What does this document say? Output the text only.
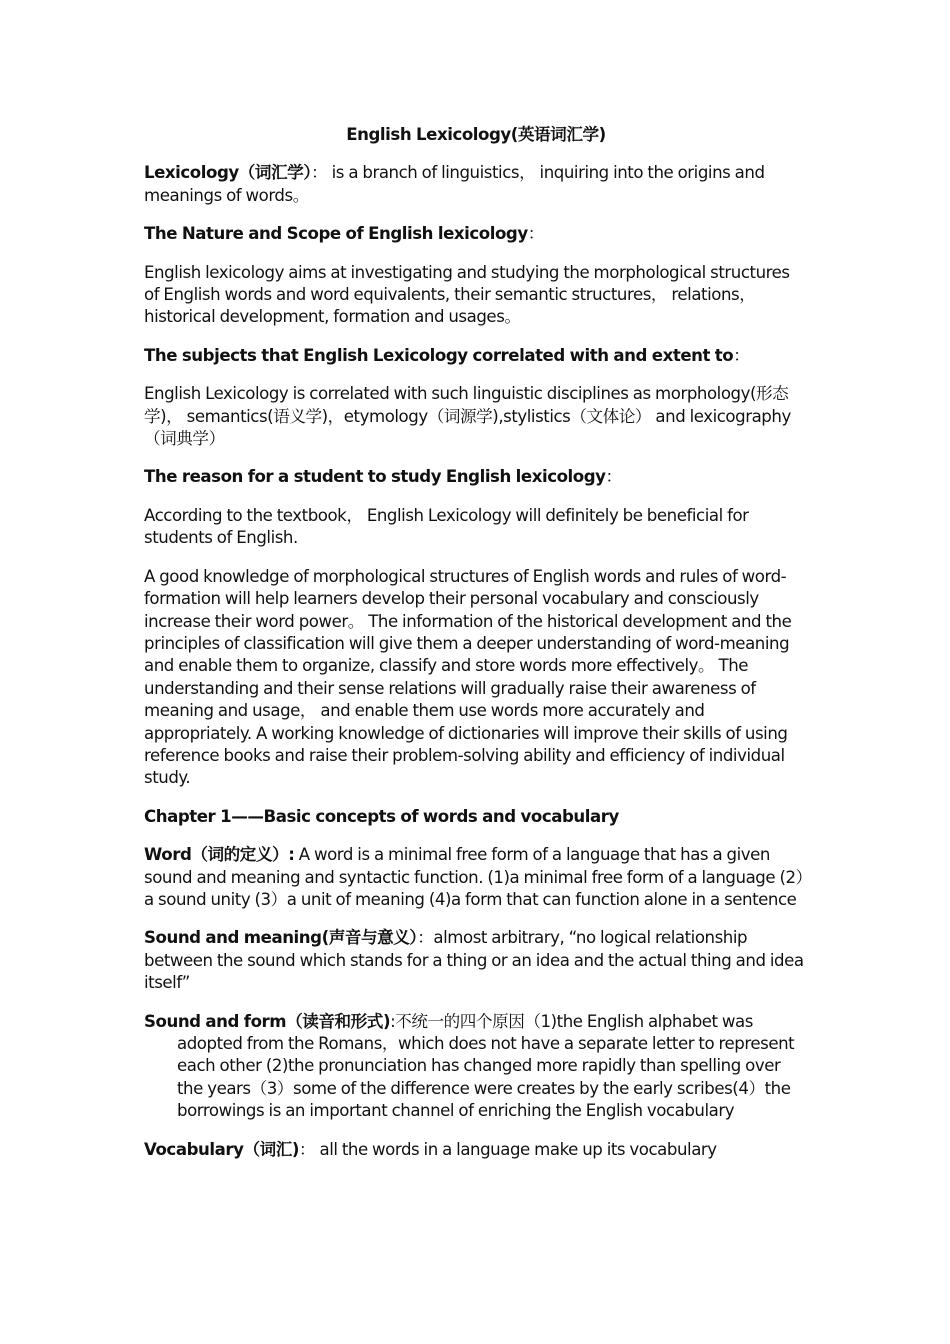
English Lexicology(英语词汇学)

Lexicology（词汇学）： is a branch of linguistics， inquiring into the origins and meanings of words。

The Nature and Scope of English lexicology：

English lexicology aims at investigating and studying the morphological structures of English words and word equivalents, their semantic structures， relations， historical development, formation and usages。

The subjects that English Lexicology correlated with and extent to：

English Lexicology is correlated with such linguistic disciplines as morphology(形态学)， semantics(语义学)，etymology（词源学),stylistics（文体论） and lexicography（词典学）

The reason for a student to study English lexicology：

According to the textbook， English Lexicology will definitely be beneficial for students of English.

A good knowledge of morphological structures of English words and rules of word-formation will help learners develop their personal vocabulary and consciously increase their word power。 The information of the historical development and the principles of classification will give them a deeper understanding of word-meaning and enable them to organize, classify and store words more effectively。 The understanding and their sense relations will gradually raise their awareness of meaning and usage， and enable them use words more accurately and appropriately. A working knowledge of dictionaries will improve their skills of using reference books and raise their problem-solving ability and efficiency of individual study.

Chapter 1——Basic concepts of words and vocabulary

Word（词的定义）: A word is a minimal free form of a language that has a given sound and meaning and syntactic function. (1)a minimal free form of a language (2）a sound unity (3）a unit of meaning (4)a form that can function alone in a sentence

Sound and meaning(声音与意义）：almost arbitrary, “no logical relationship between the sound which stands for a thing or an idea and the actual thing and idea itself”

Sound and form（读音和形式):不统一的四个原因（1)the English alphabet was adopted from the Romans，which does not have a separate letter to represent each other (2)the pronunciation has changed more rapidly than spelling over the years（3）some of the difference were creates by the early scribes(4）the borrowings is an important channel of enriching the English vocabulary

Vocabulary（词汇)： all the words in a language make up its vocabulary
